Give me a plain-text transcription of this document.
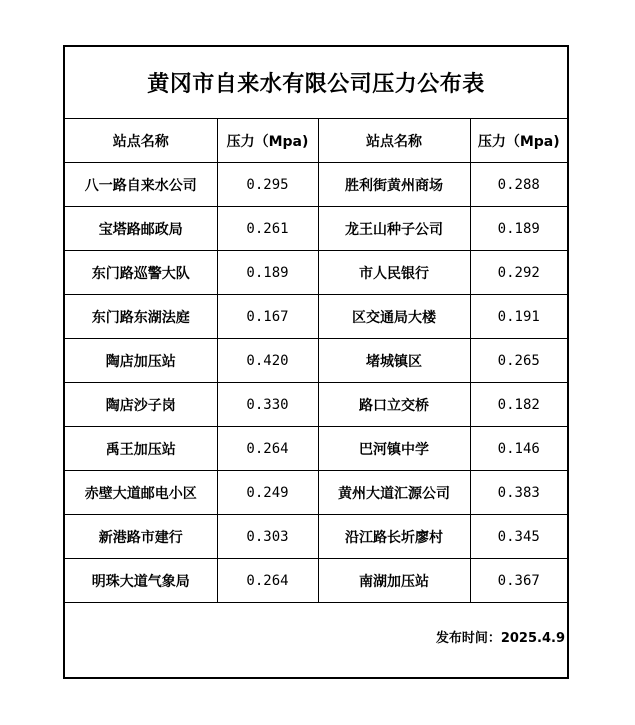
黄冈市自来水有限公司压力公布表
站点名称	压力（Mpa)	站点名称	压力（Mpa)
八一路自来水公司	0.295	胜利街黄州商场	0.288
宝塔路邮政局	0.261	龙王山种子公司	0.189
东门路巡警大队	0.189	市人民银行	0.292
东门路东湖法庭	0.167	区交通局大楼	0.191
陶店加压站	0.420	堵城镇区	0.265
陶店沙子岗	0.330	路口立交桥	0.182
禹王加压站	0.264	巴河镇中学	0.146
赤壁大道邮电小区	0.249	黄州大道汇源公司	0.383
新港路市建行	0.303	沿江路长圻廖村	0.345
明珠大道气象局	0.264	南湖加压站	0.367
发布时间：2025.4.9
